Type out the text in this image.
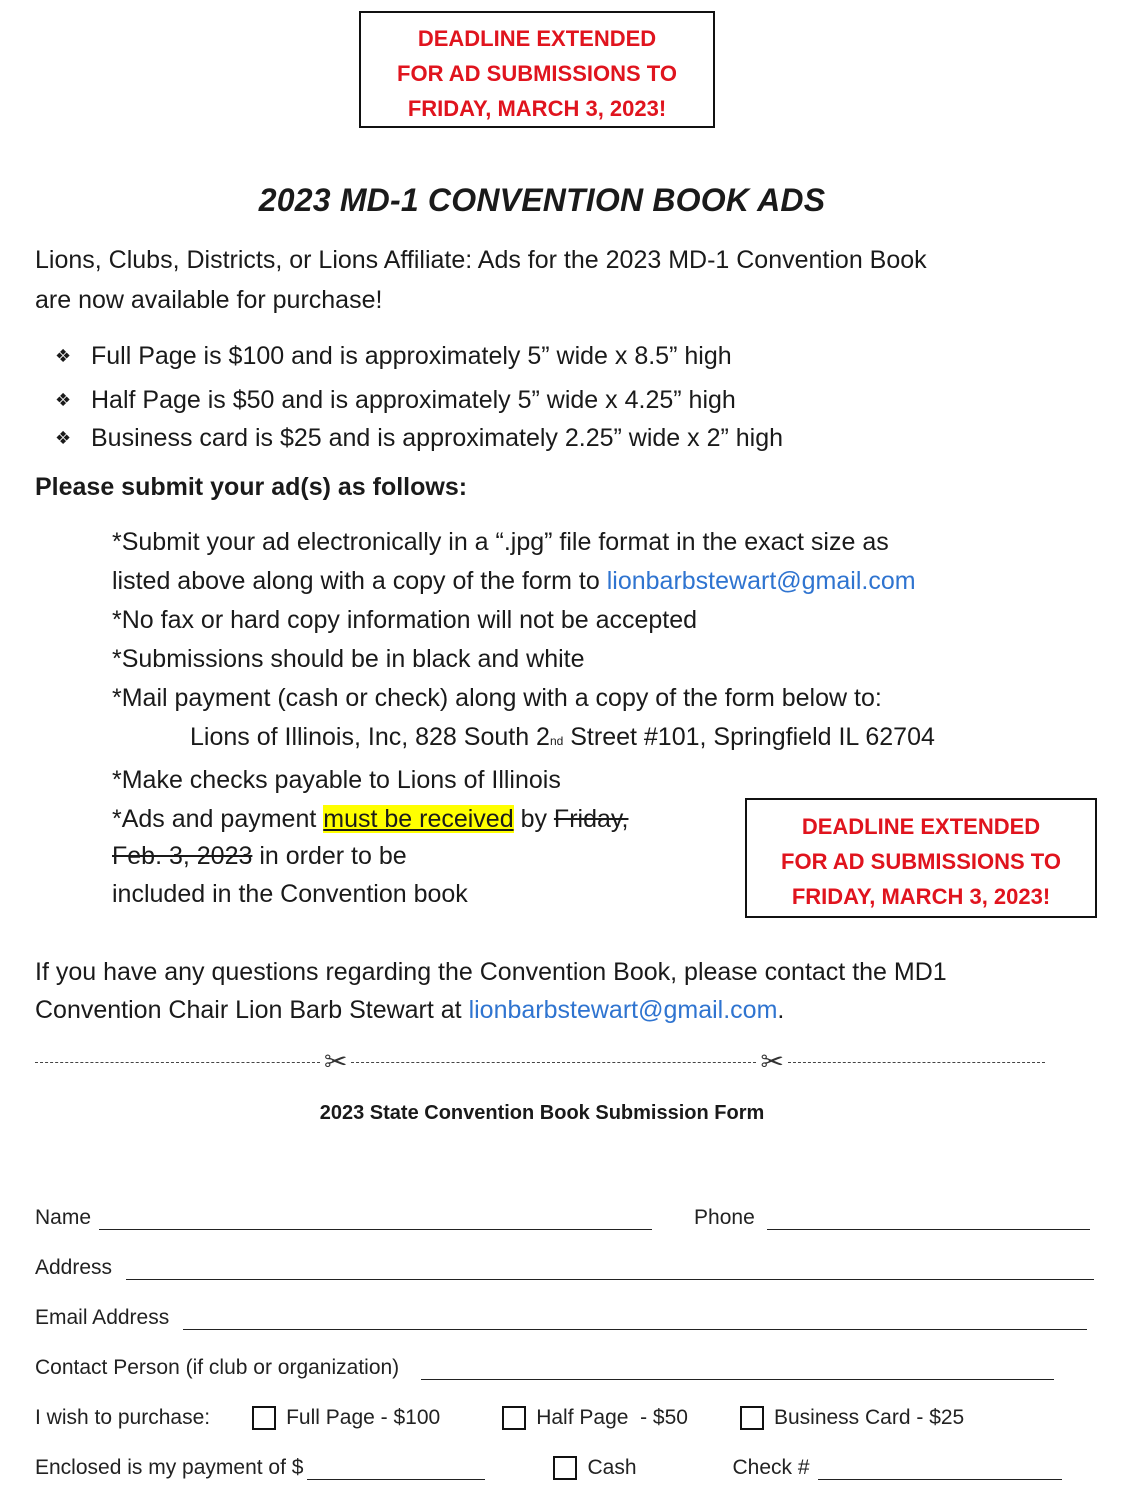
DEADLINE EXTENDED
FOR AD SUBMISSIONS TO
FRIDAY, MARCH 3, 2023!
2023 MD-1 CONVENTION BOOK ADS
Lions, Clubs, Districts, or Lions Affiliate: Ads for the 2023 MD-1 Convention Book
are now available for purchase!
❖ Full Page is $100 and is approximately 5” wide x 8.5” high
❖ Half Page is $50 and is approximately 5” wide x 4.25” high
❖ Business card is $25 and is approximately 2.25” wide x 2” high
Please submit your ad(s) as follows:
*Submit your ad electronically in a “.jpg” file format in the exact size as
listed above along with a copy of the form to lionbarbstewart@gmail.com
*No fax or hard copy information will not be accepted
*Submissions should be in black and white
*Mail payment (cash or check) along with a copy of the form below to:
Lions of Illinois, Inc, 828 South 2nd Street #101, Springfield IL 62704
*Make checks payable to Lions of Illinois
*Ads and payment must be received by Friday,
Feb. 3, 2023 in order to be
included in the Convention book
DEADLINE EXTENDED
FOR AD SUBMISSIONS TO
FRIDAY, MARCH 3, 2023!
If you have any questions regarding the Convention Book, please contact the MD1
Convention Chair Lion Barb Stewart at lionbarbstewart@gmail.com.
✂	✂
2023 State Convention Book Submission Form
Name	Phone
Address
Email Address
Contact Person (if club or organization)
I wish to purchase:	Full Page - $100	Half Page  - $50	Business Card - $25
Enclosed is my payment of $	Cash	Check #
